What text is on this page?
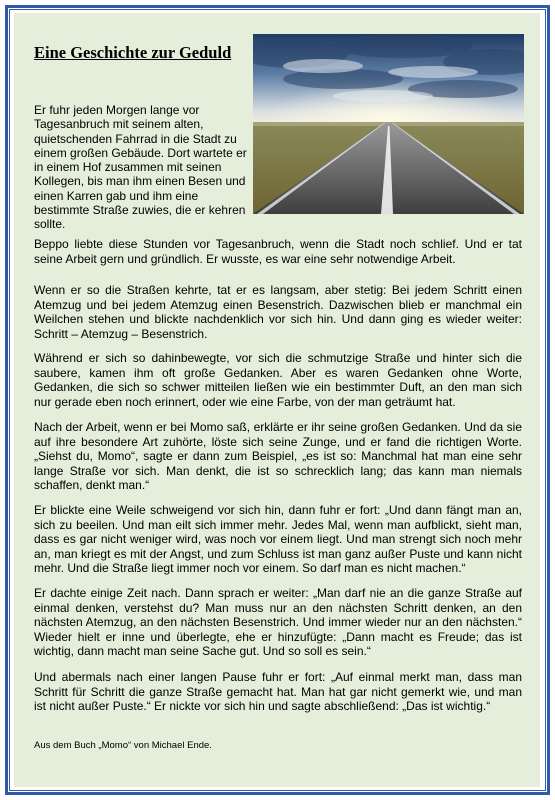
Eine Geschichte zur Geduld
Er fuhr jeden Morgen lange vor Tagesanbruch mit seinem alten, quietschenden Fahrrad in die Stadt zu einem großen Gebäude. Dort wartete er in einem Hof zusammen mit seinen Kollegen, bis man ihm einen Besen und einen Karren gab und ihm eine bestimmte Straße zuwies, die er kehren sollte.
Beppo liebte diese Stunden vor Tagesanbruch, wenn die Stadt noch schlief. Und er tat seine Arbeit gern und gründlich. Er wusste, es war eine sehr notwendige Arbeit.
Wenn er so die Straßen kehrte, tat er es langsam, aber stetig: Bei jedem Schritt einen Atemzug und bei jedem Atemzug einen Besenstrich. Dazwischen blieb er manchmal ein Weilchen stehen und blickte nachdenklich vor sich hin. Und dann ging es wieder weiter: Schritt – Atemzug – Besenstrich.
Während er sich so dahinbewegte, vor sich die schmutzige Straße und hinter sich die saubere, kamen ihm oft große Gedanken. Aber es waren Gedanken ohne Worte, Gedanken, die sich so schwer mitteilen ließen wie ein bestimmter Duft, an den man sich nur gerade eben noch erinnert, oder wie eine Farbe, von der man geträumt hat.
Nach der Arbeit, wenn er bei Momo saß, erklärte er ihr seine großen Gedanken. Und da sie auf ihre besondere Art zuhörte, löste sich seine Zunge, und er fand die richtigen Worte. „Siehst du, Momo“, sagte er dann zum Beispiel, „es ist so: Manchmal hat man eine sehr lange Straße vor sich. Man denkt, die ist so schrecklich lang; das kann man niemals schaffen, denkt man.“
Er blickte eine Weile schweigend vor sich hin, dann fuhr er fort: „Und dann fängt man an, sich zu beeilen. Und man eilt sich immer mehr. Jedes Mal, wenn man aufblickt, sieht man, dass es gar nicht weniger wird, was noch vor einem liegt. Und man strengt sich noch mehr an, man kriegt es mit der Angst, und zum Schluss ist man ganz außer Puste und kann nicht mehr. Und die Straße liegt immer noch vor einem. So darf man es nicht machen.“
Er dachte einige Zeit nach. Dann sprach er weiter: „Man darf nie an die ganze Straße auf einmal denken, verstehst du? Man muss nur an den nächsten Schritt denken, an den nächsten Atemzug, an den nächsten Besenstrich. Und immer wieder nur an den nächsten.“ Wieder hielt er inne und überlegte, ehe er hinzufügte: „Dann macht es Freude; das ist wichtig, dann macht man seine Sache gut. Und so soll es sein.“
Und abermals nach einer langen Pause fuhr er fort: „Auf einmal merkt man, dass man Schritt für Schritt die ganze Straße gemacht hat. Man hat gar nicht gemerkt wie, und man ist nicht außer Puste.“ Er nickte vor sich hin und sagte abschließend: „Das ist wichtig.“
Aus dem Buch „Momo“ von Michael Ende.
